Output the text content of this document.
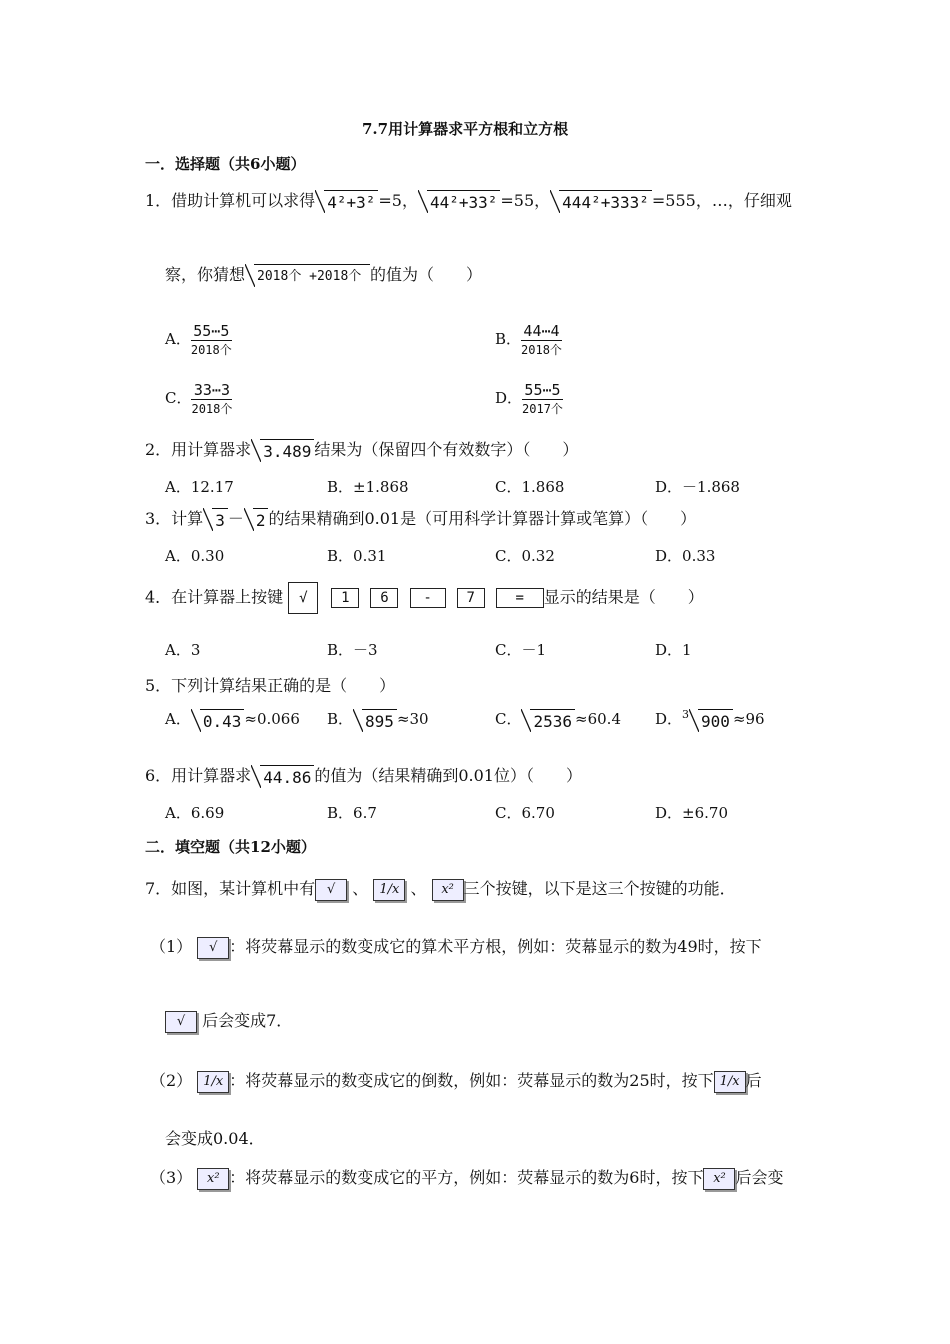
7.7用计算器求平方根和立方根
一．选择题（共6小题）
1．借助计算机可以求得 4²+3² =5， 44²+33² =55， 444²+333² =555，…，仔细观
察，你猜想 2018个 +2018个 的值为（　　）
A． 55⋯5
2018个
B． 44⋯4
2018个
C． 33⋯3
2018个
D． 55⋯5
2017个
2．用计算器求 3.489 结果为（保留四个有效数字）（　　）
A．12.17	B．±1.868	C．1.868	D．－1.868
3．计算 3 － 2 的结果精确到0.01是（可用科学计算器计算或笔算）（　　）
A．0.30	B．0.31	C．0.32	D．0.33
4．在计算器上按键 √ 1 6 - 7	= 显示的结果是（　　）
A．3	B．－3	C．－1	D．1
5．下列计算结果正确的是（　　）
A． 0.43 ≈0.066 B． 895 ≈30	C． 2536 ≈60.4 D．$^3$ 900 ≈96
6．用计算器求 44.86 的值为（结果精确到0.01位）（　　）
A．6.69	B．6.7	C．6.70	D．±6.70
二．填空题（共12小题）
7．如图，某计算机中有 √ 、 1/x 、 x² 三个按键，以下是这三个按键的功能．
（1） √ ：将荧幕显示的数变成它的算术平方根，例如：荧幕显示的数为49时，按下
√ 后会变成7．
（2） 1/x ：将荧幕显示的数变成它的倒数，例如：荧幕显示的数为25时，按下 1/x 后
会变成0.04．
（3） x² ：将荧幕显示的数变成它的平方，例如：荧幕显示的数为6时，按下 x² 后会变
